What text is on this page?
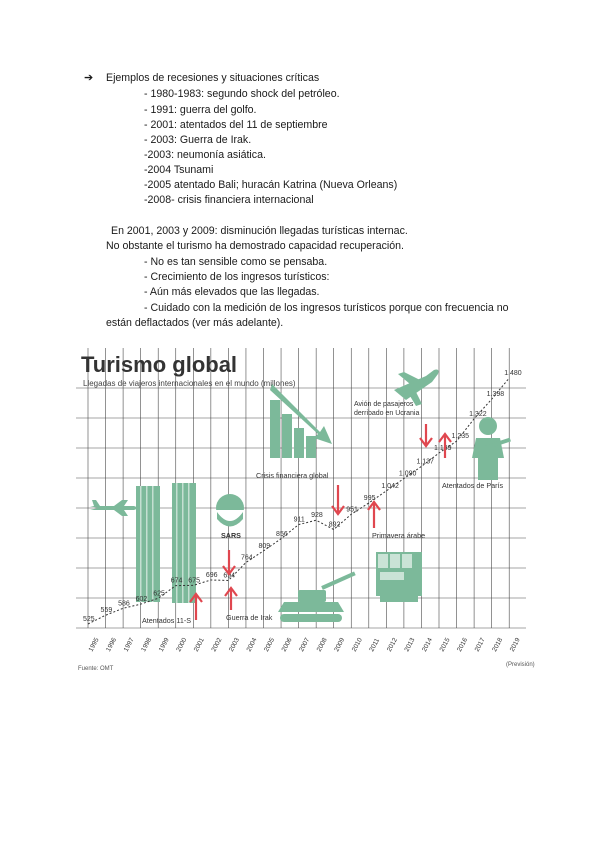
➔ Ejemplos de recesiones y situaciones críticas
- 1980-1983: segundo shock del petróleo.
- 1991: guerra del golfo.
- 2001: atentados del 11 de septiembre
- 2003: Guerra de Irak.
-2003: neumonía asiática.
-2004 Tsunami
-2005 atentado Bali; huracán Katrina (Nueva Orleans)
-2008- crisis financiera internacional
En 2001, 2003 y 2009: disminución llegadas turísticas internac.
No obstante el turismo ha demostrado capacidad recuperación.
- No es tan sensible como se pensaba.
- Crecimiento de los ingresos turísticos:
- Aún más elevados que las llegadas.
- Cuidado con la medición de los ingresos turísticos porque con frecuencia no
están deflactados (ver más adelante).
Turismo global
Llegadas de viajeros internacionales en el mundo (millones)
525
559
586
602
625
674 675
696 694
764
809
856
911
928
892
951
995
1.042
1.090
1.137
1.189
1.235
1.322
1.398
1.480
1995 1996 1997 1998 1999 2000 2001 2002 2003 2004 2005 2006 2007 2008 2009 2010 2011 2012 2013 2014 2015 2016 2017 2018 2019
Atentados 11-S
SARS
Guerra de Irak
Crisis financiera global
Primavera árabe
Avión de pasajeros derribado en Ucrania
Atentados de París
Fuente: OMT
(Previsión)
